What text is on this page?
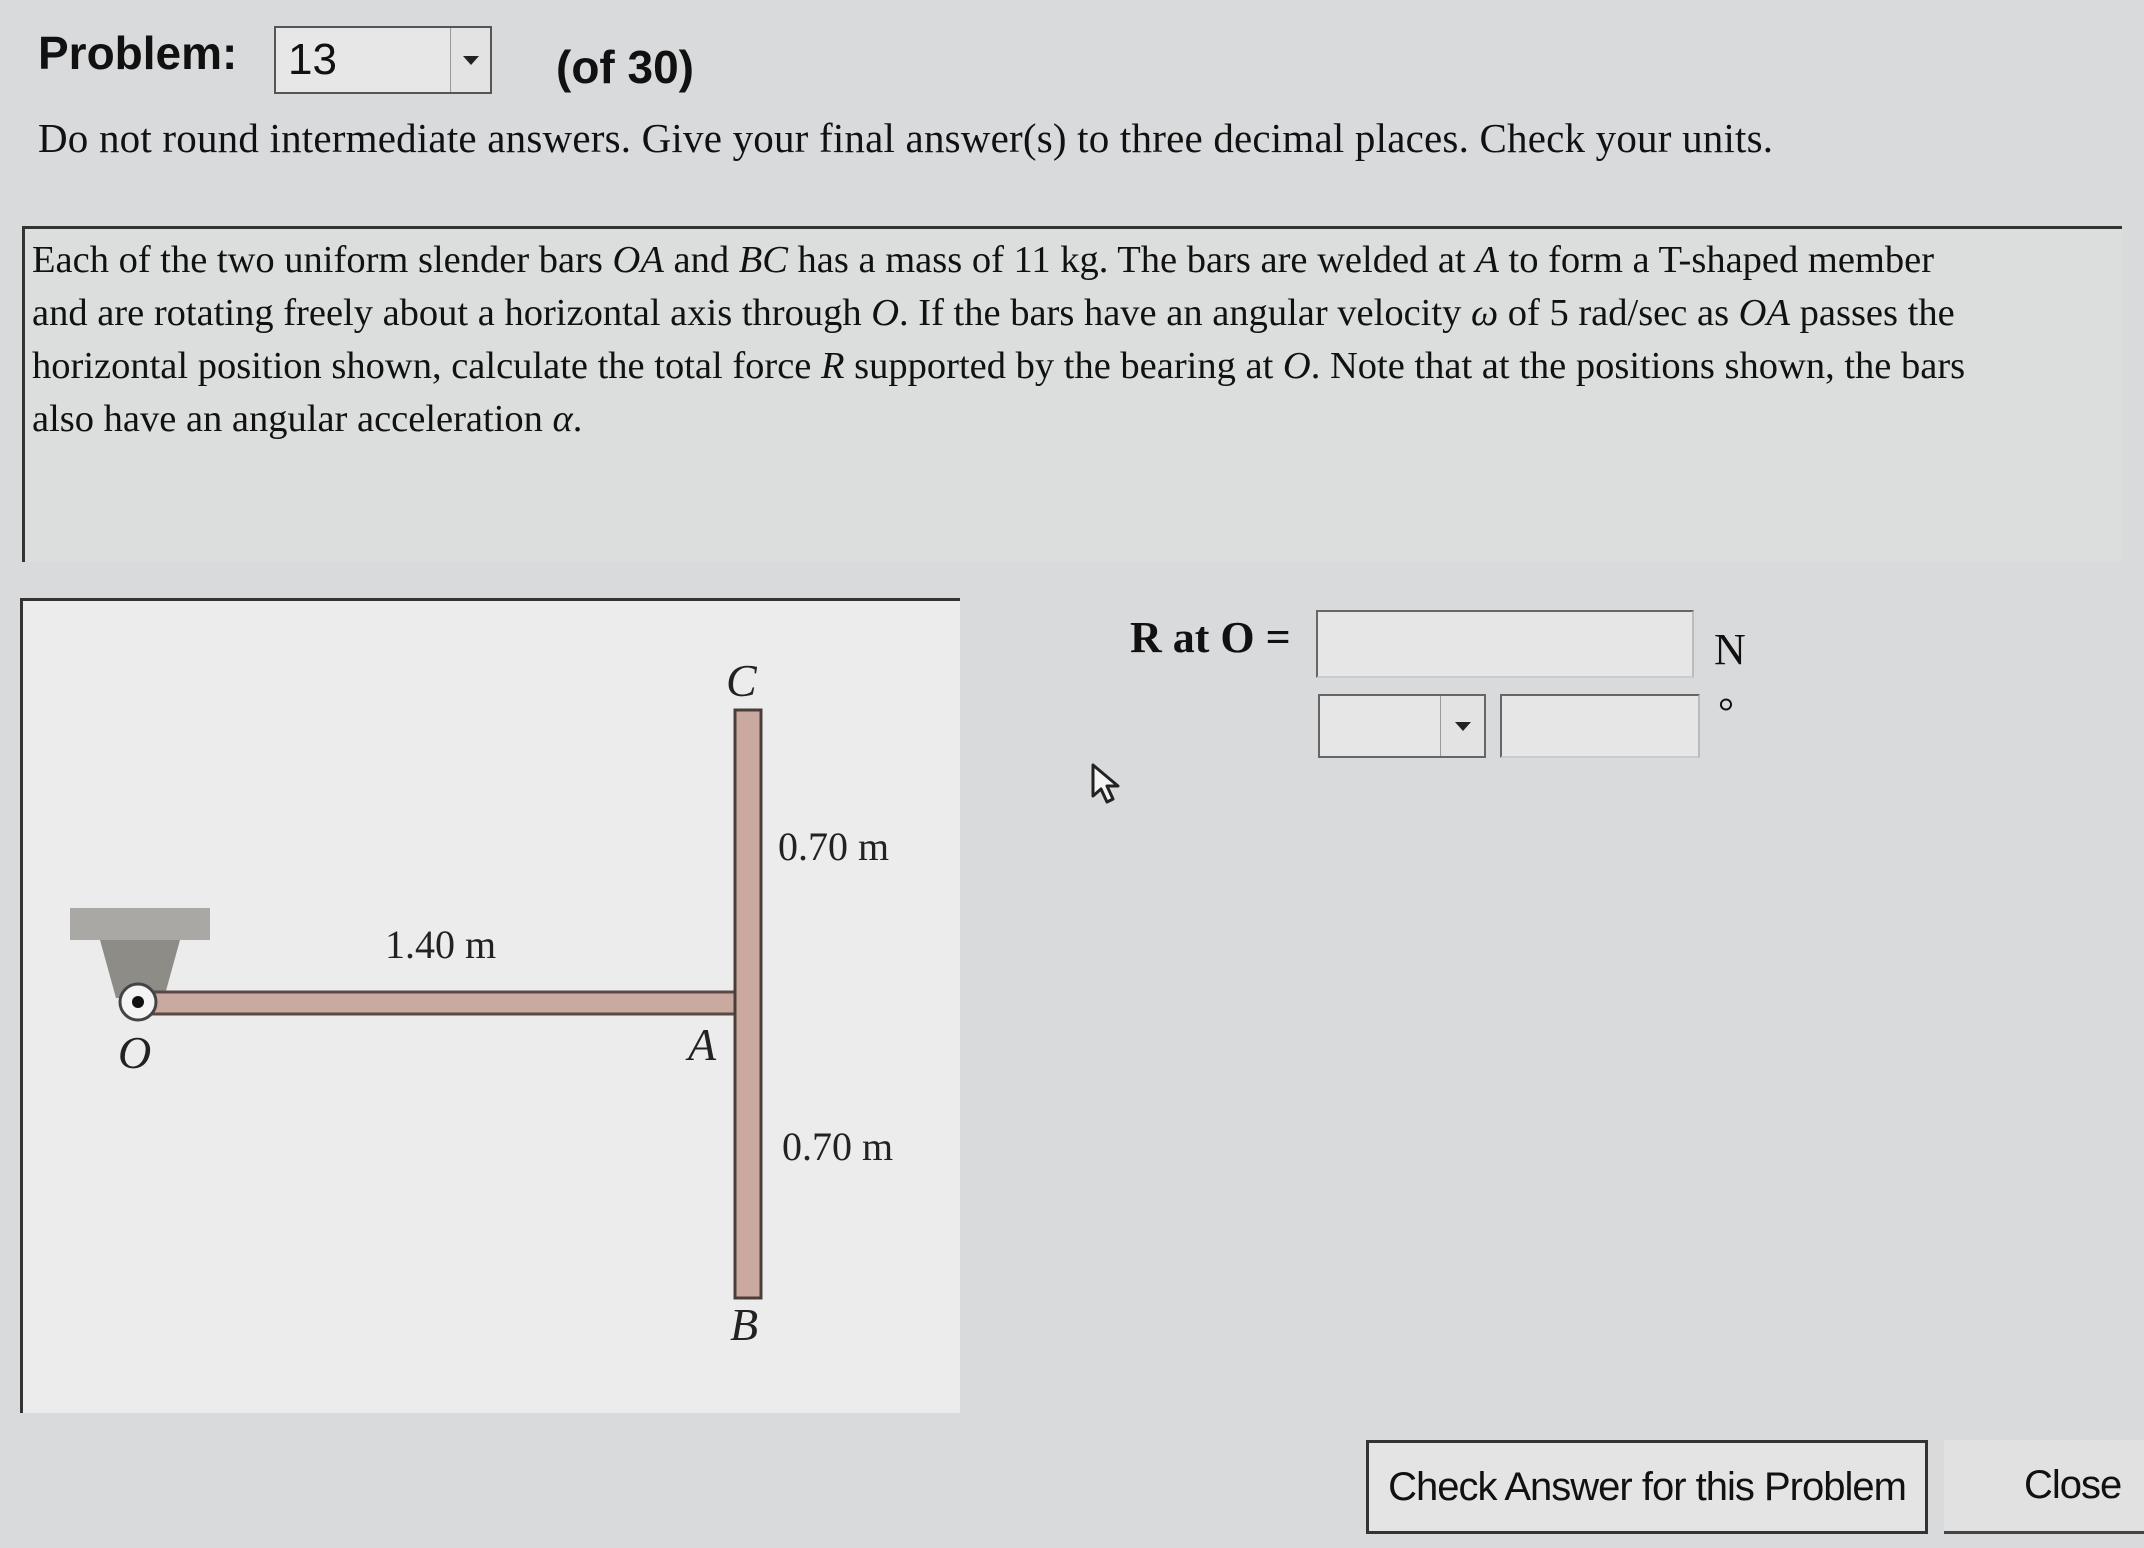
Problem: 13	(of 30)
Do not round intermediate answers. Give your final answer(s) to three decimal places. Check your units.
Each of the two uniform slender bars OA and BC has a mass of 11 kg. The bars are welded at A to form a T-shaped member
and are rotating freely about a horizontal axis through O. If the bars have an angular velocity ω of 5 rad/sec as OA passes the
horizontal position shown, calculate the total force R supported by the bearing at O. Note that at the positions shown, the bars
also have an angular acceleration α.
C
A
B
O
1.40 m
0.70 m
0.70 m
R at O =	N
°
Check Answer for this Problem	Close
